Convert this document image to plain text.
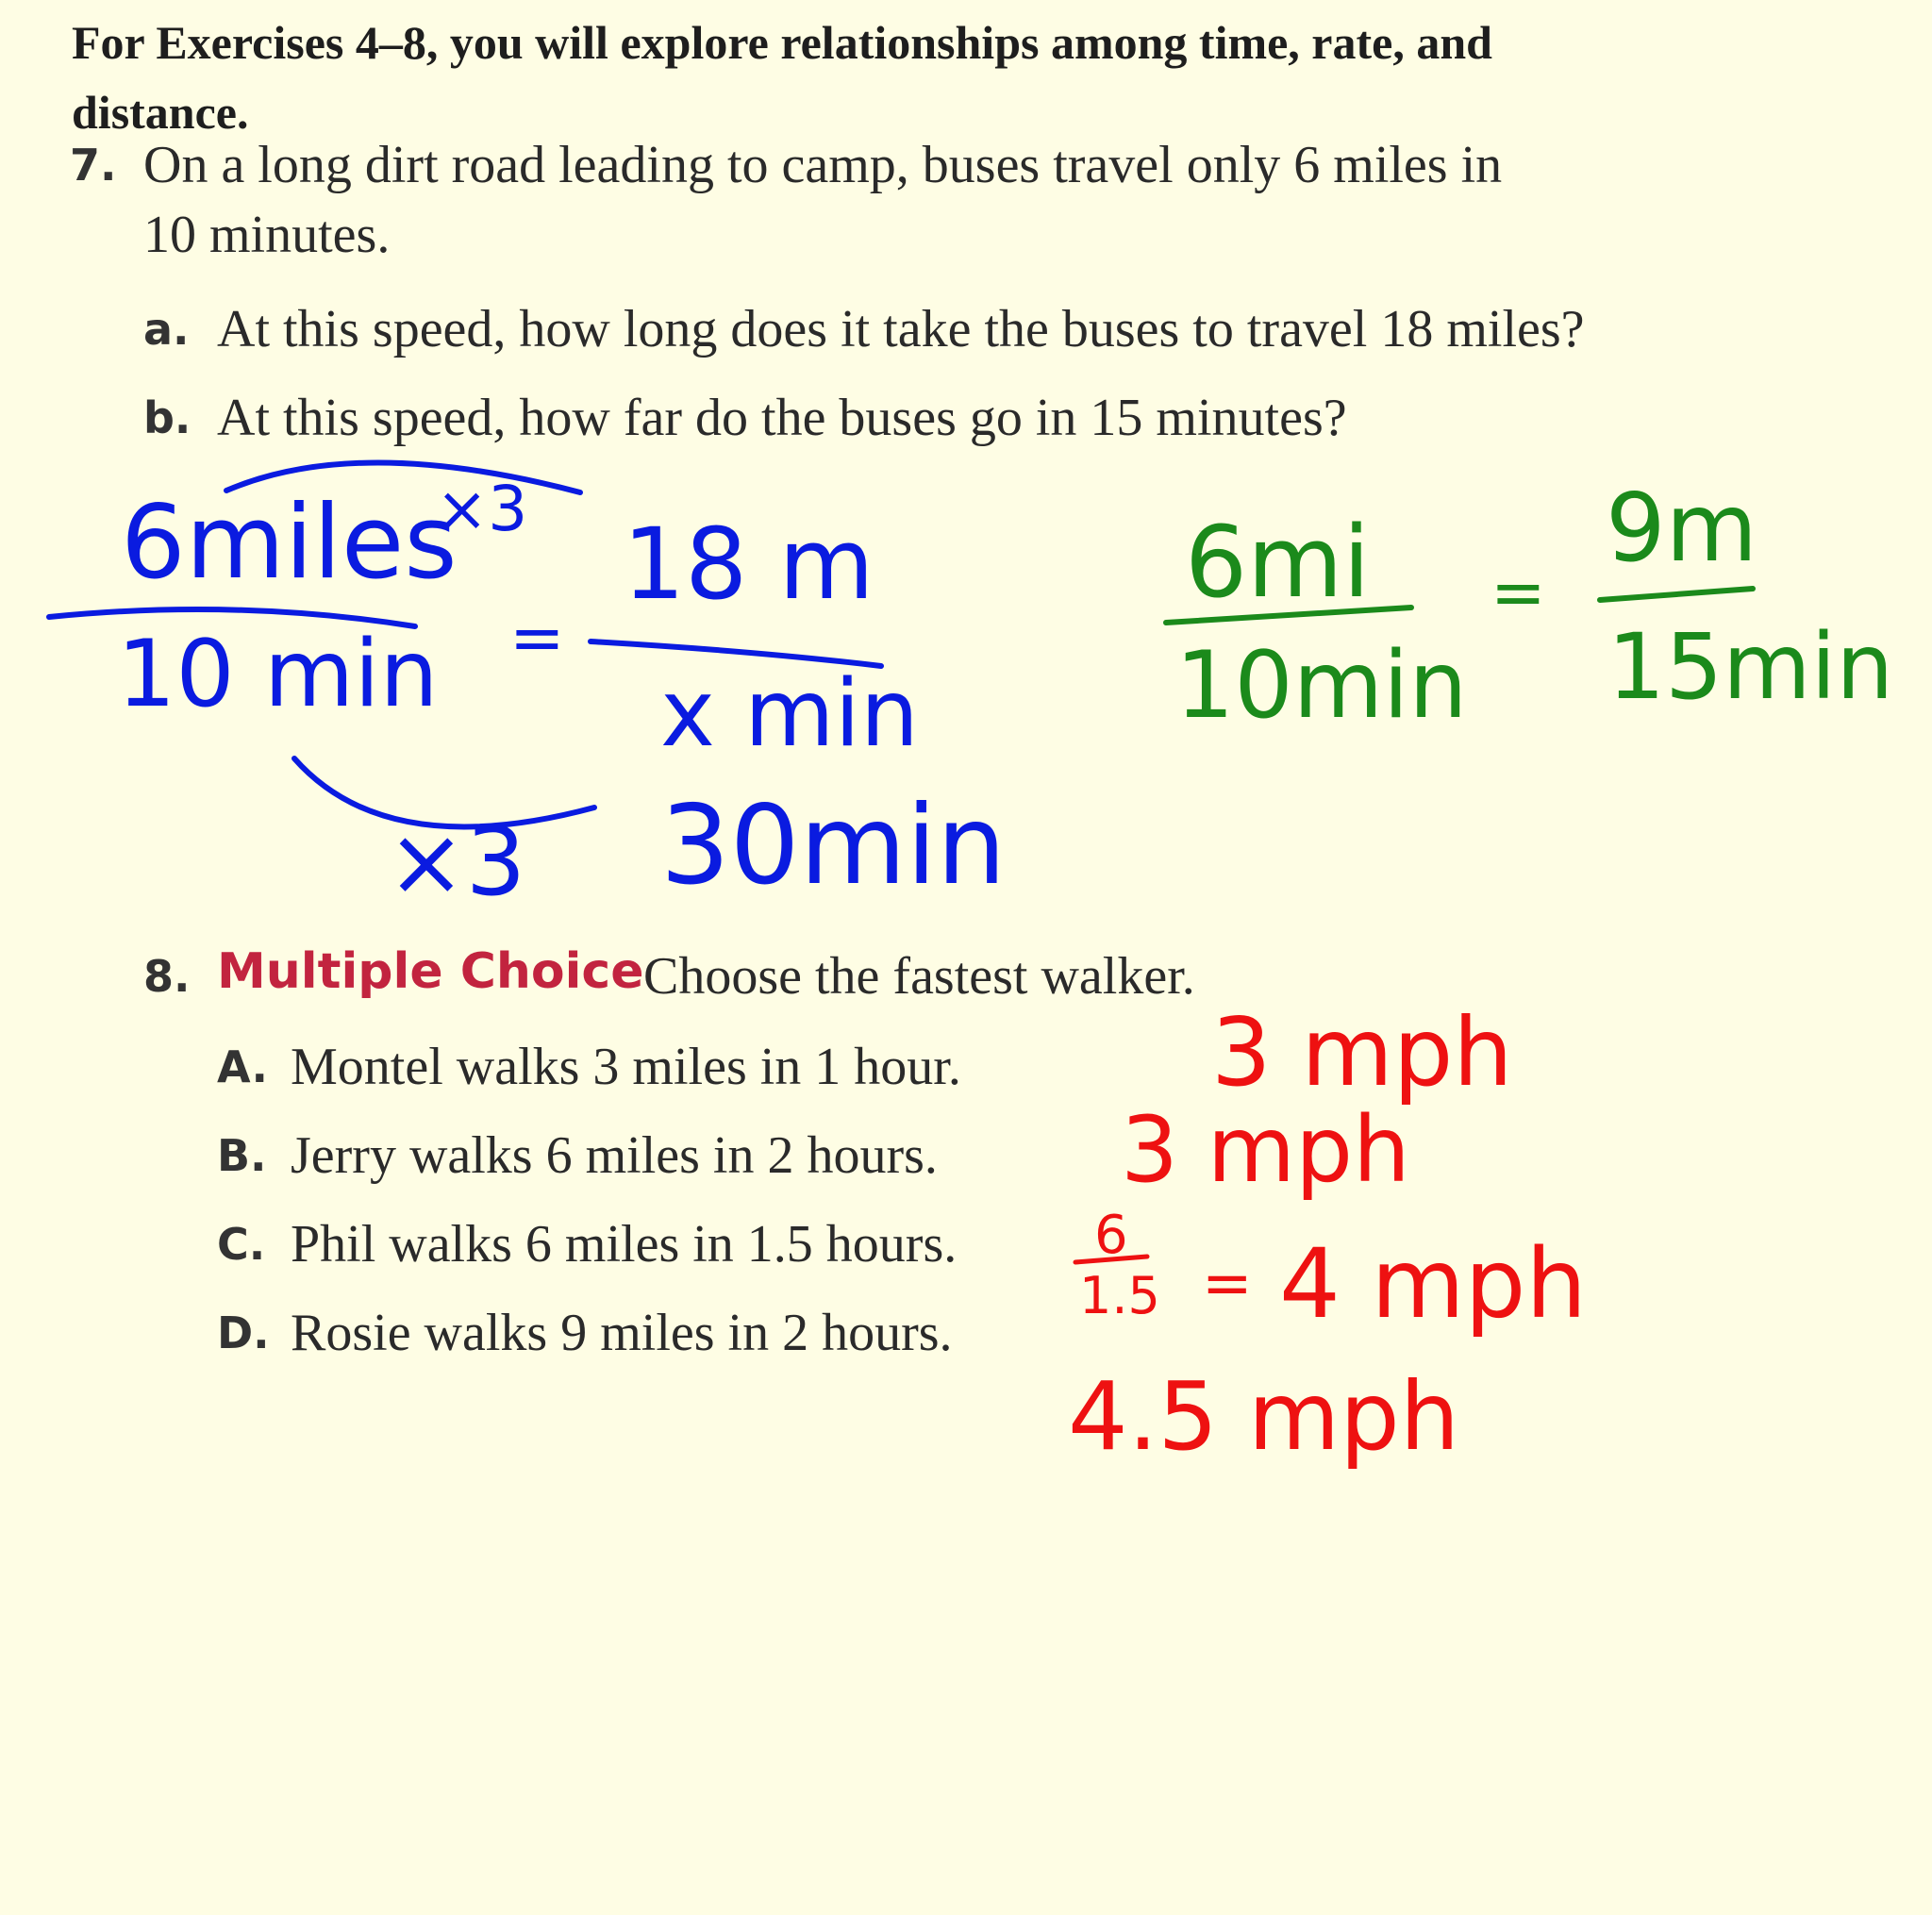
For Exercises 4–8, you will explore relationships among time, rate, and
distance.
7. On a long dirt road leading to camp, buses travel only 6 miles in
10 minutes.
a. At this speed, how long does it take the buses to travel 18 miles?
b. At this speed, how far do the buses go in 15 minutes?
8. Multiple Choice Choose the fastest walker.
A. Montel walks 3 miles in 1 hour.
B. Jerry walks 6 miles in 2 hours.
C. Phil walks 6 miles in 1.5 hours.
D. Rosie walks 9 miles in 2 hours.
×3
6miles 18 m
=
10 min x min
×3 30min
6mi =
9m
10min 15min
3 mph
3 mph
6
1.5 = 4 mph
4.5 mph
